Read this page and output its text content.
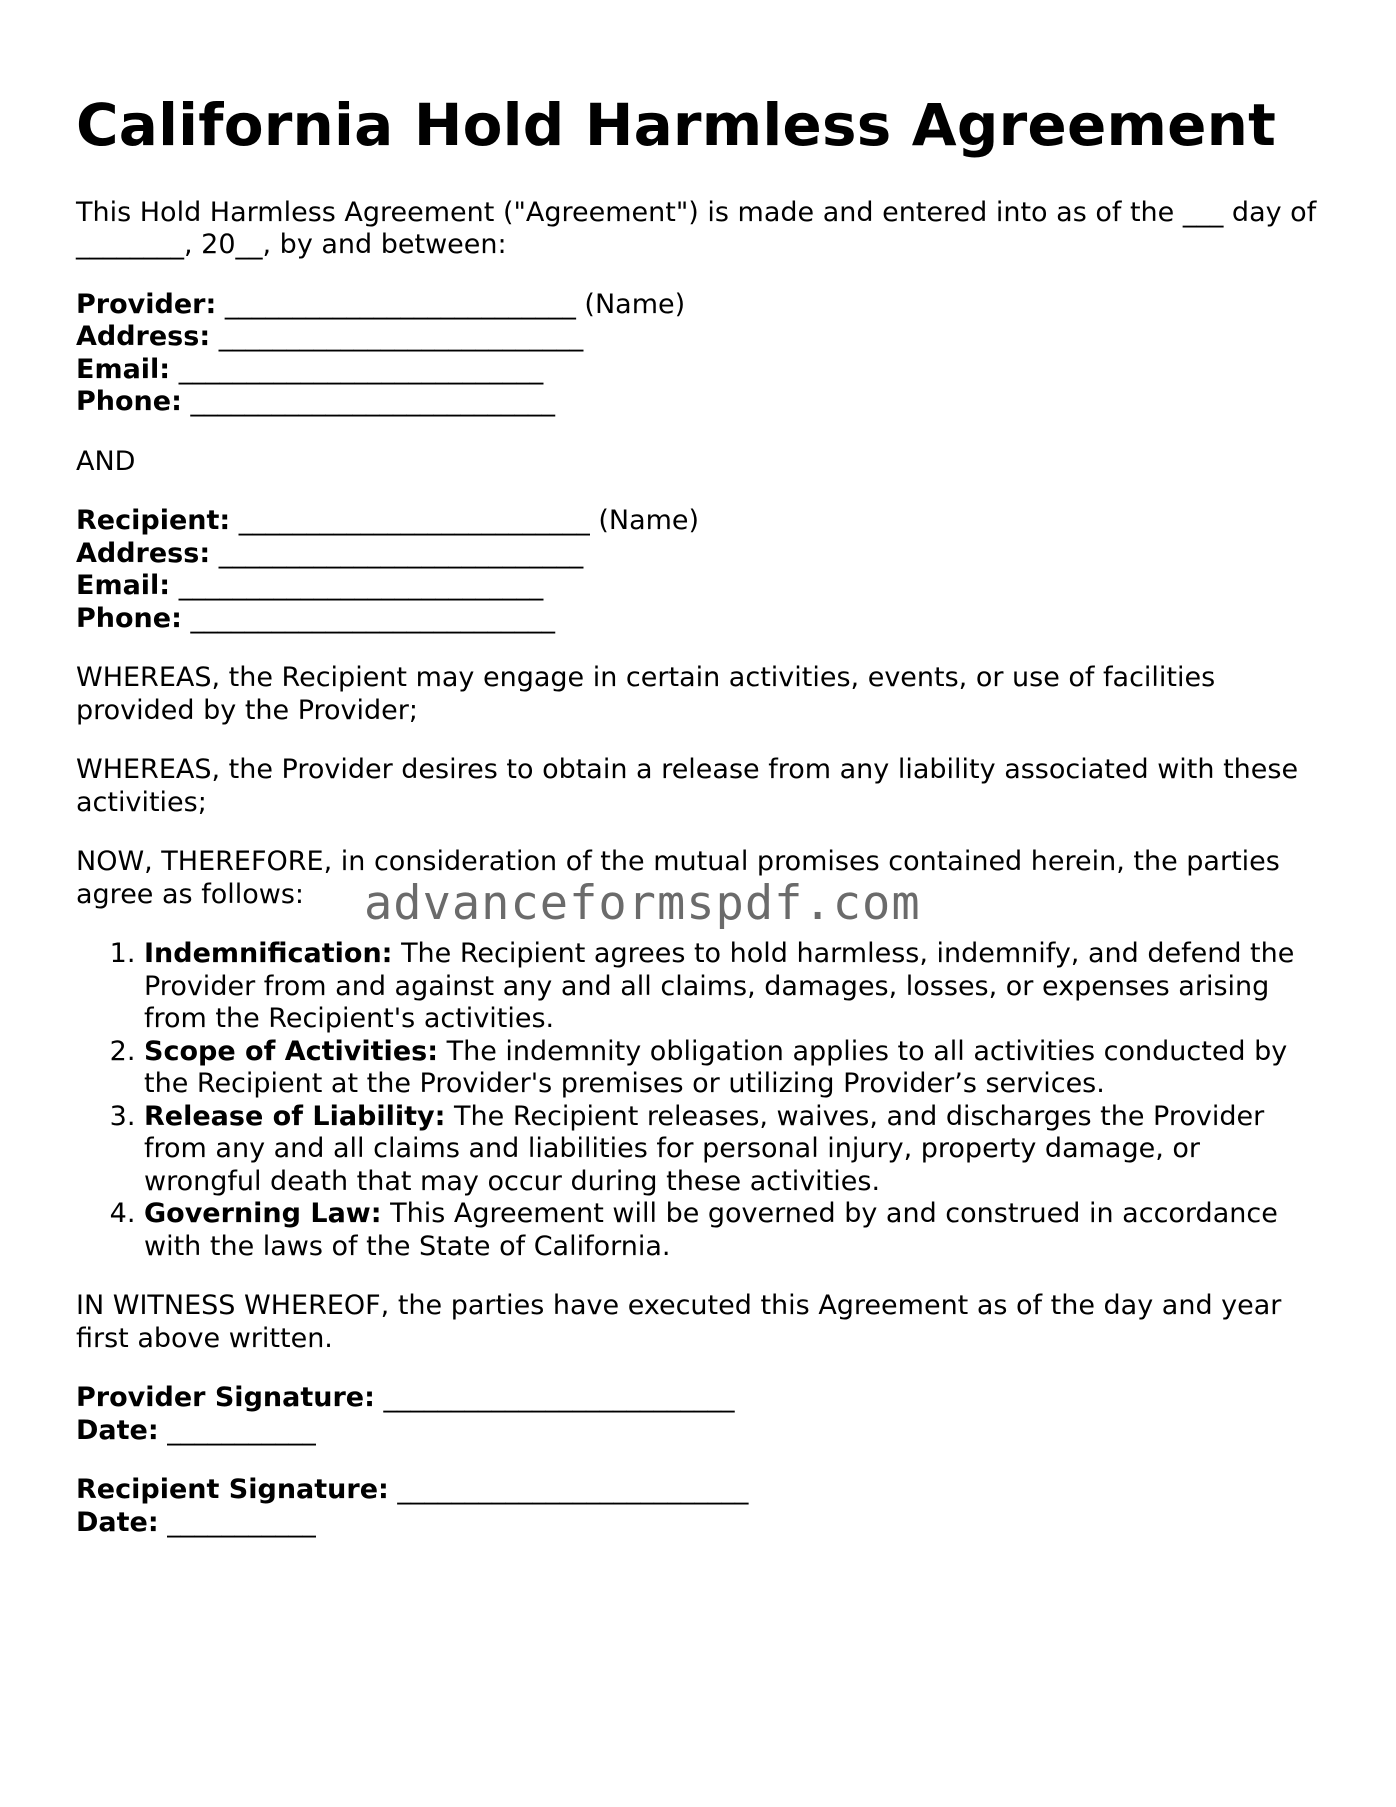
California Hold Harmless Agreement

This Hold Harmless Agreement ("Agreement") is made and entered into as of the ___ day of ________, 20__, by and between:

Provider: __________________________ (Name)
Address: ___________________________
Email: ___________________________
Phone: ___________________________

AND

Recipient: __________________________ (Name)
Address: ___________________________
Email: ___________________________
Phone: ___________________________

WHEREAS, the Recipient may engage in certain activities, events, or use of facilities provided by the Provider;

WHEREAS, the Provider desires to obtain a release from any liability associated with these activities;

NOW, THEREFORE, in consideration of the mutual promises contained herein, the parties agree as follows:

1. Indemnification: The Recipient agrees to hold harmless, indemnify, and defend the Provider from and against any and all claims, damages, losses, or expenses arising from the Recipient's activities.
2. Scope of Activities: The indemnity obligation applies to all activities conducted by the Recipient at the Provider's premises or utilizing Provider’s services.
3. Release of Liability: The Recipient releases, waives, and discharges the Provider from any and all claims and liabilities for personal injury, property damage, or wrongful death that may occur during these activities.
4. Governing Law: This Agreement will be governed by and construed in accordance with the laws of the State of California.

IN WITNESS WHEREOF, the parties have executed this Agreement as of the day and year first above written.

Provider Signature: __________________________
Date: ___________
Recipient Signature: __________________________
Date: ___________
advanceformspdf.com
